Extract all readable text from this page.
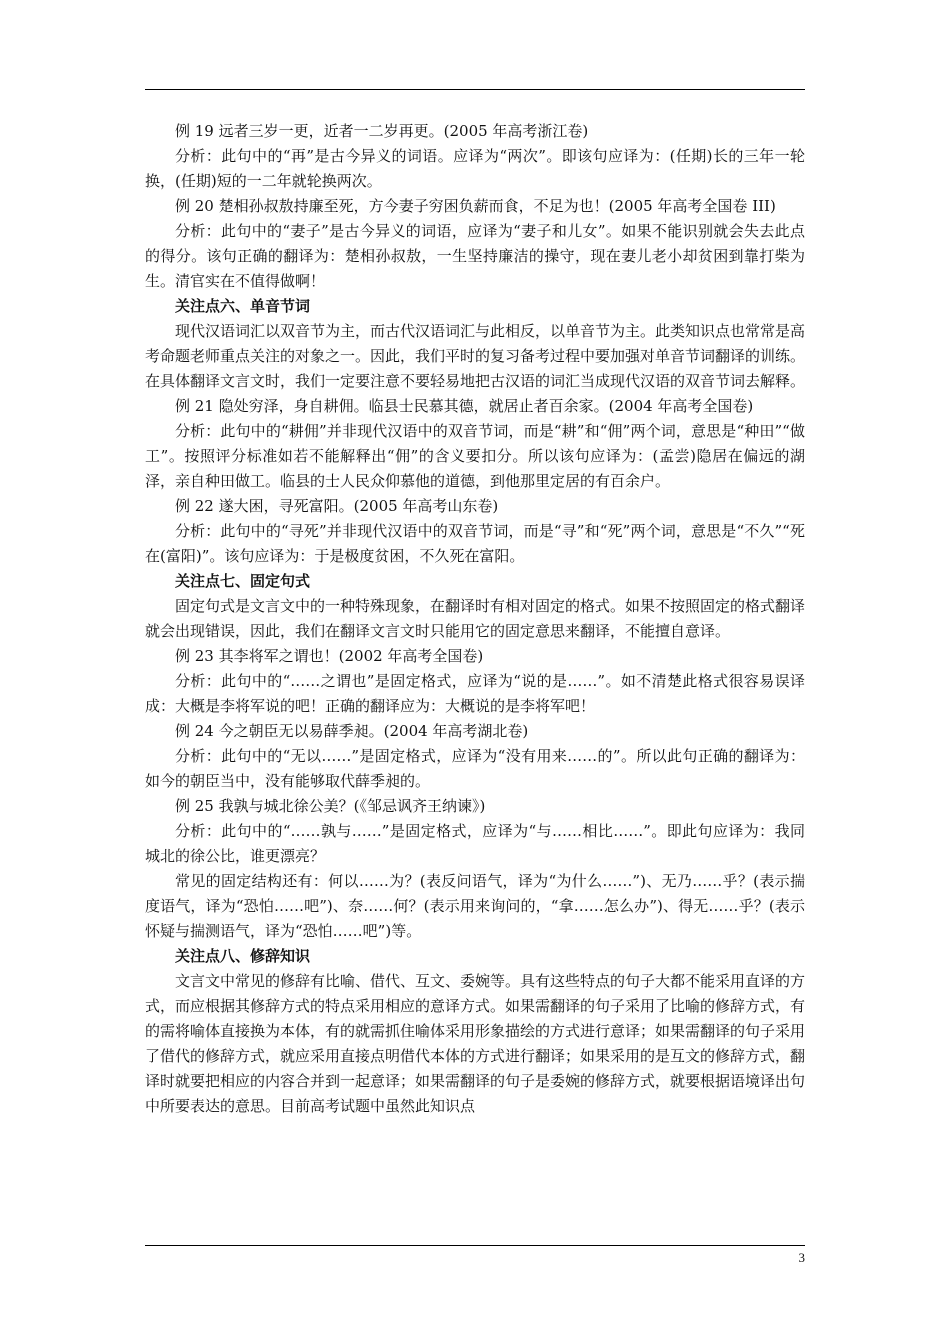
例 19 远者三岁一更，近者一二岁再更。(2005 年高考浙江卷)

分析：此句中的“再”是古今异义的词语。应译为“两次”。即该句应译为：(任期)长的三年一轮换，(任期)短的一二年就轮换两次。

例 20 楚相孙叔敖持廉至死，方今妻子穷困负薪而食，不足为也！(2005 年高考全国卷 III)

分析：此句中的“妻子”是古今异义的词语，应译为“妻子和儿女”。如果不能识别就会失去此点的得分。该句正确的翻译为：楚相孙叔敖，一生坚持廉洁的操守，现在妻儿老小却贫困到靠打柴为生。清官实在不值得做啊！

关注点六、单音节词

现代汉语词汇以双音节为主，而古代汉语词汇与此相反，以单音节为主。此类知识点也常常是高考命题老师重点关注的对象之一。因此，我们平时的复习备考过程中要加强对单音节词翻译的训练。在具体翻译文言文时，我们一定要注意不要轻易地把古汉语的词汇当成现代汉语的双音节词去解释。

例 21 隐处穷泽，身自耕佣。临县士民慕其德，就居止者百余家。(2004 年高考全国卷)

分析：此句中的“耕佣”并非现代汉语中的双音节词，而是“耕”和“佣”两个词，意思是“种田”“做工”。按照评分标准如若不能解释出“佣”的含义要扣分。所以该句应译为：(孟尝)隐居在偏远的湖泽，亲自种田做工。临县的士人民众仰慕他的道德，到他那里定居的有百余户。

例 22 遂大困，寻死富阳。(2005 年高考山东卷)

分析：此句中的“寻死”并非现代汉语中的双音节词，而是“寻”和“死”两个词，意思是“不久”“死在(富阳)”。该句应译为：于是极度贫困，不久死在富阳。

关注点七、固定句式

固定句式是文言文中的一种特殊现象，在翻译时有相对固定的格式。如果不按照固定的格式翻译就会出现错误，因此，我们在翻译文言文时只能用它的固定意思来翻译，不能擅自意译。

例 23 其李将军之谓也！(2002 年高考全国卷)

分析：此句中的“……之谓也”是固定格式，应译为“说的是……”。如不清楚此格式很容易误译成：大概是李将军说的吧！正确的翻译应为：大概说的是李将军吧！

例 24 今之朝臣无以易薛季昶。(2004 年高考湖北卷)

分析：此句中的“无以……”是固定格式，应译为“没有用来……的”。所以此句正确的翻译为：如今的朝臣当中，没有能够取代薛季昶的。

例 25 我孰与城北徐公美？(《邹忌讽齐王纳谏》)

分析：此句中的“……孰与……”是固定格式，应译为“与……相比……”。即此句应译为：我同城北的徐公比，谁更漂亮？

常见的固定结构还有：何以……为？(表反问语气，译为“为什么……”)、无乃……乎？(表示揣度语气，译为“恐怕……吧”)、奈……何？(表示用来询问的，“拿……怎么办”)、得无……乎？(表示怀疑与揣测语气，译为“恐怕……吧”)等。

关注点八、修辞知识

文言文中常见的修辞有比喻、借代、互文、委婉等。具有这些特点的句子大都不能采用直译的方式，而应根据其修辞方式的特点采用相应的意译方式。如果需翻译的句子采用了比喻的修辞方式，有的需将喻体直接换为本体，有的就需抓住喻体采用形象描绘的方式进行意译；如果需翻译的句子采用了借代的修辞方式，就应采用直接点明借代本体的方式进行翻译；如果采用的是互文的修辞方式，翻译时就要把相应的内容合并到一起意译；如果需翻译的句子是委婉的修辞方式，就要根据语境译出句中所要表达的意思。目前高考试题中虽然此知识点

3
